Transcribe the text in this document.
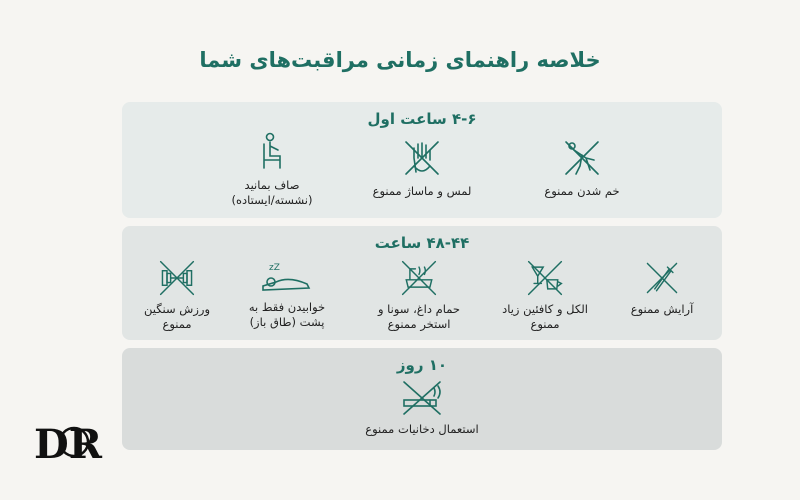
خلاصه راهنمای زمانی مراقبت‌های شما
۴-۶ ساعت اول
خم شدن ممنوع
لمس و ماساژ ممنوع
صاف بمانید
(نشسته/ایستاده)
۴۸-۴۴ ساعت
آرایش ممنوع
الکل و کافئین زیاد
ممنوع
حمام داغ، سونا و
استخر ممنوع
zZ
خوابیدن فقط به
پشت (طاق باز)
ورزش سنگین
ممنوع
۱۰ روز
استعمال دخانیات ممنوع
DR
